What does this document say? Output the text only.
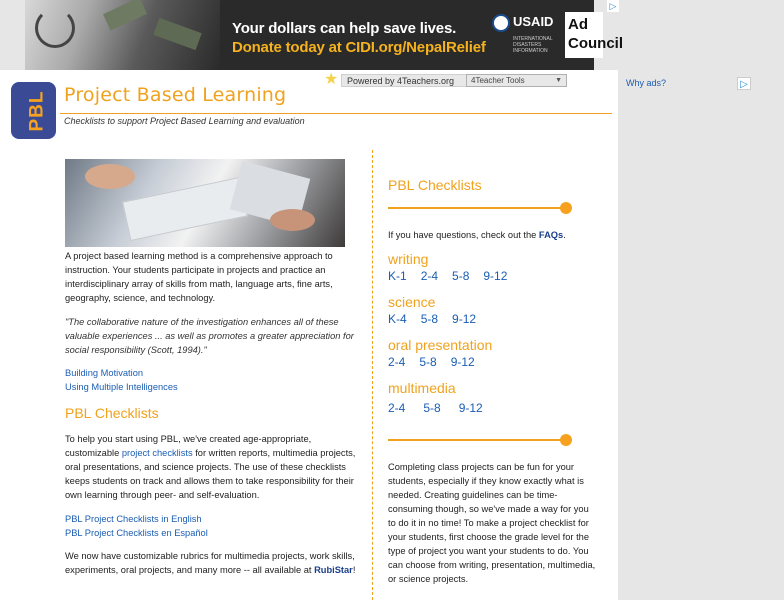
Your dollars can help save lives.
Donate today at CIDI.org/NepalRelief
USAID
INTERNATIONAL DISASTERS INFORMATION
Ad Council
▷
Why ads?	▷
PBL Project Based Learning
Checklists to support Project Based Learning and evaluation
★ Powered by 4Teachers.org	4Teacher Tools	▼
A project based learning method is a comprehensive approach to instruction. Your students participate in projects and practice an interdisciplinary array of skills from math, language arts, fine arts, geography, science, and technology.
"The collaborative nature of the investigation enhances all of these valuable experiences ... as well as promotes a greater appreciation for social responsibility (Scott, 1994)."
Building Motivation
Using Multiple Intelligences
PBL Checklists
To help you start using PBL, we've created age-appropriate, customizable project checklists for written reports, multimedia projects, oral presentations, and science projects. The use of these checklists keeps students on track and allows them to take responsibility for their own learning through peer- and self-evaluation.
PBL Project Checklists in English
PBL Project Checklists en Español
We now have customizable rubrics for multimedia projects, work skills, experiments, oral projects, and many more -- all available at RubiStar!
PBL Checklists
If you have questions, check out the FAQs.
writing
K-1 2-4 5-8 9-12
science
K-4 5-8 9-12
oral presentation
2-4 5-8 9-12
multimedia
2-4 5-8 9-12
Completing class projects can be fun for your students, especially if they know exactly what is needed. Creating guidelines can be time-consuming though, so we've made a way for you to do it in no time! To make a project checklist for your students, first choose the grade level for the type of project you want your students to do. You can choose from writing, presentation, multimedia, or science projects.
